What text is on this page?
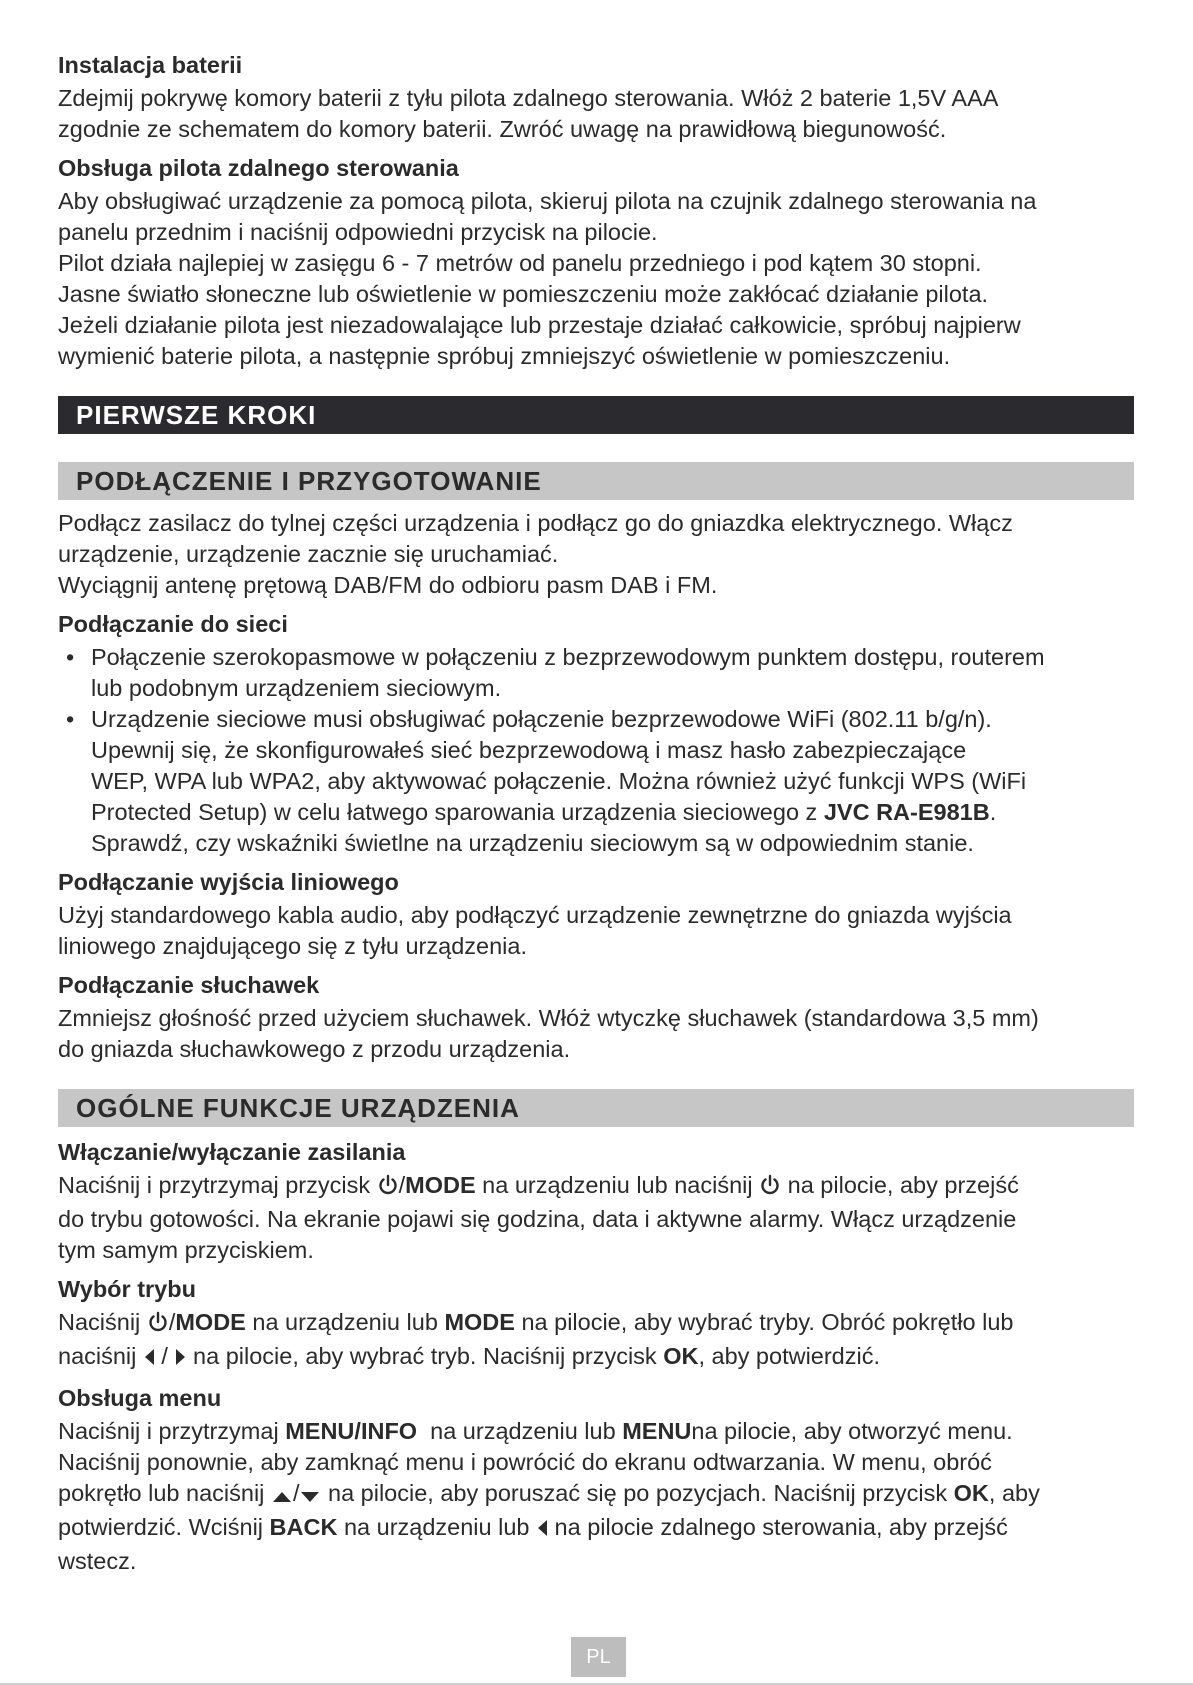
Instalacja baterii

Zdejmij pokrywę komory baterii z tyłu pilota zdalnego sterowania. Włóż 2 baterie 1,5V AAA

zgodnie ze schematem do komory baterii. Zwróć uwagę na prawidłową biegunowość.

Obsługa pilota zdalnego sterowania

Aby obsługiwać urządzenie za pomocą pilota, skieruj pilota na czujnik zdalnego sterowania na

panelu przednim i naciśnij odpowiedni przycisk na pilocie.

Pilot działa najlepiej w zasięgu 6 - 7 metrów od panelu przedniego i pod kątem 30 stopni.

Jasne światło słoneczne lub oświetlenie w pomieszczeniu może zakłócać działanie pilota.

Jeżeli działanie pilota jest niezadowalające lub przestaje działać całkowicie, spróbuj najpierw

wymienić baterie pilota, a następnie spróbuj zmniejszyć oświetlenie w pomieszczeniu.

PIERWSZE KROKI
PODŁĄCZENIE I PRZYGOTOWANIE

Podłącz zasilacz do tylnej części urządzenia i podłącz go do gniazdka elektrycznego. Włącz

urządzenie, urządzenie zacznie się uruchamiać.

Wyciągnij antenę prętową DAB/FM do odbioru pasm DAB i FM.

Podłączanie do sieci

• Połączenie szerokopasmowe w połączeniu z bezprzewodowym punktem dostępu, routerem
lub podobnym urządzeniem sieciowym.
• Urządzenie sieciowe musi obsługiwać połączenie bezprzewodowe WiFi (802.11 b/g/n).
Upewnij się, że skonfigurowałeś sieć bezprzewodową i masz hasło zabezpieczające
WEP, WPA lub WPA2, aby aktywować połączenie. Można również użyć funkcji WPS (WiFi
Protected Setup) w celu łatwego sparowania urządzenia sieciowego z JVC RA-E981B.
Sprawdź, czy wskaźniki świetlne na urządzeniu sieciowym są w odpowiednim stanie.

Podłączanie wyjścia liniowego

Użyj standardowego kabla audio, aby podłączyć urządzenie zewnętrzne do gniazda wyjścia

liniowego znajdującego się z tyłu urządzenia.

Podłączanie słuchawek

Zmniejsz głośność przed użyciem słuchawek. Włóż wtyczkę słuchawek (standardowa 3,5 mm)

do gniazda słuchawkowego z przodu urządzenia.

OGÓLNE FUNKCJE URZĄDZENIA

Włączanie/wyłączanie zasilania

Naciśnij i przytrzymaj przycisk /MODE na urządzeniu lub naciśnij  na pilocie, aby przejść

do trybu gotowości. Na ekranie pojawi się godzina, data i aktywne alarmy. Włącz urządzenie

tym samym przyciskiem.

Wybór trybu

Naciśnij /MODE na urządzeniu lub MODE na pilocie, aby wybrać tryby. Obróć pokrętło lub

naciśnij  /  na pilocie, aby wybrać tryb. Naciśnij przycisk OK, aby potwierdzić.

Obsługa menu

Naciśnij i przytrzymaj MENU/INFO  na urządzeniu lub MENUna pilocie, aby otworzyć menu.

Naciśnij ponownie, aby zamknąć menu i powrócić do ekranu odtwarzania. W menu, obróć

pokrętło lub naciśnij / na pilocie, aby poruszać się po pozycjach. Naciśnij przycisk OK, aby

potwierdzić. Wciśnij BACK na urządzeniu lub  na pilocie zdalnego sterowania, aby przejść

wstecz.

PL
